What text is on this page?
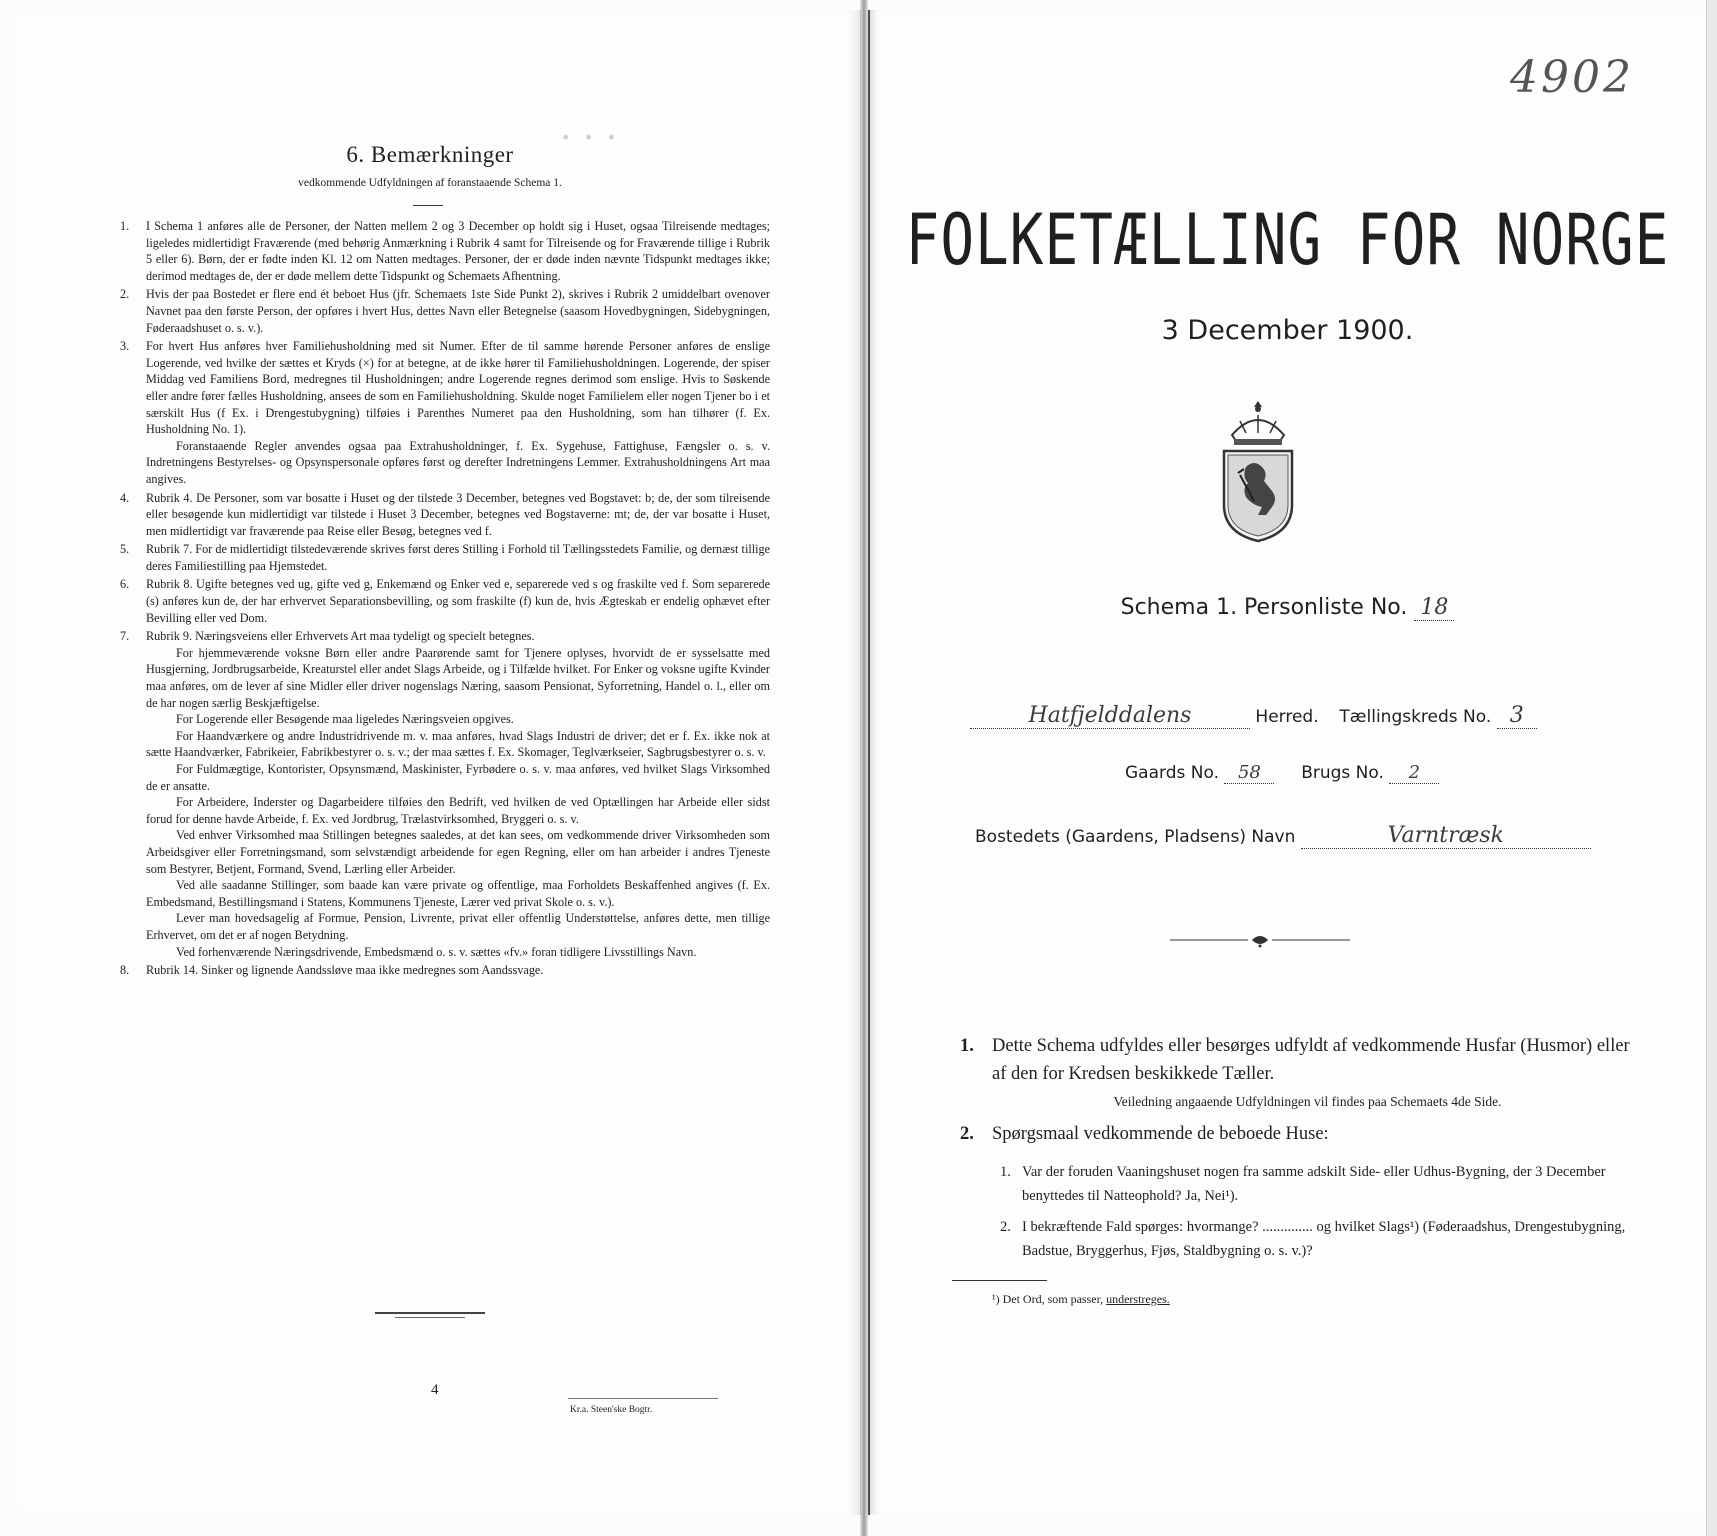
· · ·
6. Bemærkninger
vedkommende Udfyldningen af foranstaaende Schema 1.
1. I Schema 1 anføres alle de Personer, der Natten mellem 2 og 3 December op holdt sig i Huset, ogsaa Tilreisende medtages; ligeledes midlertidigt Fraværende (med behørig Anmærkning i Rubrik 4 samt for Tilreisende og for Fraværende tillige i Rubrik 5 eller 6). Børn, der er fødte inden Kl. 12 om Natten medtages. Personer, der er døde inden nævnte Tidspunkt medtages ikke; derimod medtages de, der er døde mellem dette Tidspunkt og Schemaets Afhentning.

2. Hvis der paa Bostedet er flere end ét beboet Hus (jfr. Schemaets 1ste Side Punkt 2), skrives i Rubrik 2 umiddelbart ovenover Navnet paa den første Person, der opføres i hvert Hus, dettes Navn eller Betegnelse (saasom Hovedbygningen, Sidebygningen, Føderaadshuset o. s. v.).

3. For hvert Hus anføres hver Familiehusholdning med sit Numer. Efter de til samme hørende Personer anføres de enslige Logerende, ved hvilke der sættes et Kryds (×) for at betegne, at de ikke hører til Familiehusholdningen. Logerende, der spiser Middag ved Familiens Bord, medregnes til Husholdningen; andre Logerende regnes derimod som enslige. Hvis to Søskende eller andre fører fælles Husholdning, ansees de som en Familiehusholdning. Skulde noget Familielem eller nogen Tjener bo i et særskilt Hus (f Ex. i Drengestubygning) tilføies i Parenthes Numeret paa den Husholdning, som han tilhører (f. Ex. Husholdning No. 1).

Foranstaaende Regler anvendes ogsaa paa Extrahusholdninger, f. Ex. Sygehuse, Fattighuse, Fængsler o. s. v. Indretningens Bestyrelses- og Opsynspersonale opføres først og derefter Indretningens Lemmer. Extrahusholdningens Art maa angives.

4. Rubrik 4. De Personer, som var bosatte i Huset og der tilstede 3 December, betegnes ved Bogstavet: b; de, der som tilreisende eller besøgende kun midlertidigt var tilstede i Huset 3 December, betegnes ved Bogstaverne: mt; de, der var bosatte i Huset, men midlertidigt var fraværende paa Reise eller Besøg, betegnes ved f.

5. Rubrik 7. For de midlertidigt tilstedeværende skrives først deres Stilling i Forhold til Tællingsstedets Familie, og dernæst tillige deres Familiestilling paa Hjemstedet.

6. Rubrik 8. Ugifte betegnes ved ug, gifte ved g, Enkemænd og Enker ved e, separerede ved s og fraskilte ved f. Som separerede (s) anføres kun de, der har erhvervet Separationsbevilling, og som fraskilte (f) kun de, hvis Ægteskab er endelig ophævet efter Bevilling eller ved Dom.

7. Rubrik 9. Næringsveiens eller Erhvervets Art maa tydeligt og specielt betegnes.

For hjemmeværende voksne Børn eller andre Paarørende samt for Tjenere oplyses, hvorvidt de er sysselsatte med Husgjerning, Jordbrugsarbeide, Kreaturstel eller andet Slags Arbeide, og i Tilfælde hvilket. For Enker og voksne ugifte Kvinder maa anføres, om de lever af sine Midler eller driver nogenslags Næring, saasom Pensionat, Syforretning, Handel o. l., eller om de har nogen særlig Beskjæftigelse.

For Logerende eller Besøgende maa ligeledes Næringsveien opgives.

For Haandværkere og andre Industridrivende m. v. maa anføres, hvad Slags Industri de driver; det er f. Ex. ikke nok at sætte Haandværker, Fabrikeier, Fabrikbestyrer o. s. v.; der maa sættes f. Ex. Skomager, Teglværkseier, Sagbrugsbestyrer o. s. v.

For Fuldmægtige, Kontorister, Opsynsmænd, Maskinister, Fyrbødere o. s. v. maa anføres, ved hvilket Slags Virksomhed de er ansatte.

For Arbeidere, Inderster og Dagarbeidere tilføies den Bedrift, ved hvilken de ved Optællingen har Arbeide eller sidst forud for denne havde Arbeide, f. Ex. ved Jordbrug, Trælastvirksomhed, Bryggeri o. s. v.

Ved enhver Virksomhed maa Stillingen betegnes saaledes, at det kan sees, om vedkommende driver Virksomheden som Arbeidsgiver eller Forretningsmand, som selvstændigt arbeidende for egen Regning, eller om han arbeider i andres Tjeneste som Bestyrer, Betjent, Formand, Svend, Lærling eller Arbeider.

Ved alle saadanne Stillinger, som baade kan være private og offentlige, maa Forholdets Beskaffenhed angives (f. Ex. Embedsmand, Bestillingsmand i Statens, Kommunens Tjeneste, Lærer ved privat Skole o. s. v.).

Lever man hovedsagelig af Formue, Pension, Livrente, privat eller offentlig Understøttelse, anføres dette, men tillige Erhvervet, om det er af nogen Betydning.

Ved forhenværende Næringsdrivende, Embedsmænd o. s. v. sættes «fv.» foran tidligere Livsstillings Navn.

8. Rubrik 14. Sinker og lignende Aandssløve maa ikke medregnes som Aandssvage.

4
Kr.a. Steen'ske Bogtr.
4902
FOLKETÆLLING FOR NORGE
3 December 1900.
Schema 1. Personliste No. 18
Hatfjelddalens	Herred. Tællingskreds No. 3
Gaards No. 58 Brugs No. 2
Bostedets (Gaardens, Pladsens) Navn	Varntræsk
1. Dette Schema udfyldes eller besørges udfyldt af vedkommende Husfar (Husmor) eller af den for Kredsen beskikkede Tæller.
Veiledning angaaende Udfyldningen vil findes paa Schemaets 4de Side.
2. Spørgsmaal vedkommende de beboede Huse:
1. Var der foruden Vaaningshuset nogen fra samme adskilt Side- eller Udhus-Bygning, der 3 December benyttedes til Natteophold? Ja, Nei¹).
2. I bekræftende Fald spørges: hvormange? .............. og hvilket Slags¹) (Føderaadshus, Drengestubygning, Badstue, Bryggerhus, Fjøs, Staldbygning o. s. v.)?
¹) Det Ord, som passer, understreges.
